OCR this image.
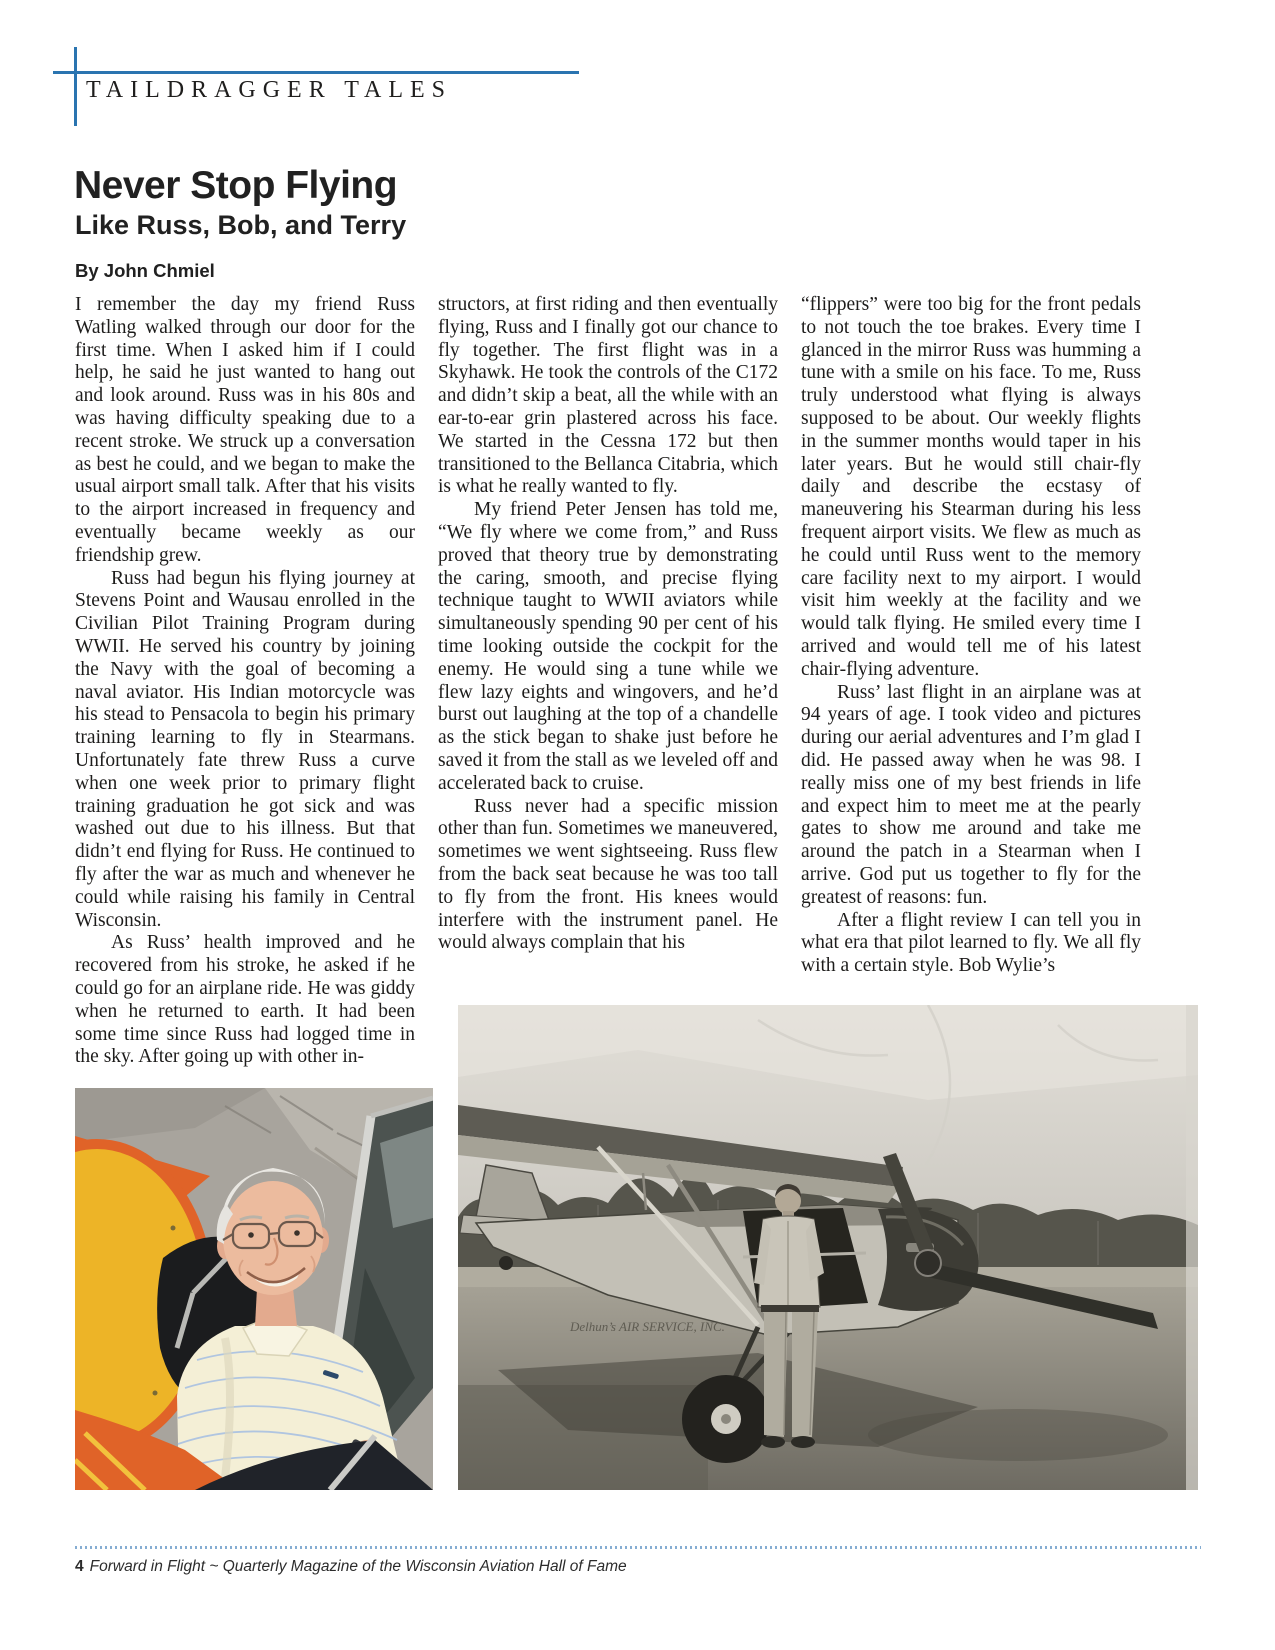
TAILDRAGGER TALES
Never Stop Flying
Like Russ, Bob, and Terry
By John Chmiel

I remember the day my friend Russ Watling walked through our door for the first time. When I asked him if I could help, he said he just wanted to hang out and look around. Russ was in his 80s and was having difficulty speaking due to a recent stroke. We struck up a conversation as best he could, and we began to make the usual airport small talk. After that his visits to the airport increased in frequency and eventually became weekly as our friendship grew.

Russ had begun his flying journey at Stevens Point and Wausau enrolled in the Civilian Pilot Training Program during WWII. He served his country by joining the Navy with the goal of becoming a naval aviator. His Indian motorcycle was his stead to Pensacola to begin his primary training learning to fly in Stearmans. Unfortunately fate threw Russ a curve when one week prior to primary flight training graduation he got sick and was washed out due to his illness. But that didn’t end flying for Russ. He continued to fly after the war as much and whenever he could while raising his family in Central Wisconsin.

As Russ’ health improved and he recovered from his stroke, he asked if he could go for an airplane ride. He was giddy when he returned to earth. It had been some time since Russ had logged time in the sky. After going up with other in-

structors, at first riding and then eventually flying, Russ and I finally got our chance to fly together. The first flight was in a Skyhawk. He took the controls of the C172 and didn’t skip a beat, all the while with an ear-to-ear grin plastered across his face. We started in the Cessna 172 but then transitioned to the Bellanca Citabria, which is what he really wanted to fly.

My friend Peter Jensen has told me, “We fly where we come from,” and Russ proved that theory true by demonstrating the caring, smooth, and precise flying technique taught to WWII aviators while simultaneously spending 90 per cent of his time looking outside the cockpit for the enemy. He would sing a tune while we flew lazy eights and wingovers, and he’d burst out laughing at the top of a chandelle as the stick began to shake just before he saved it from the stall as we leveled off and accelerated back to cruise.

Russ never had a specific mission other than fun. Sometimes we maneuvered, sometimes we went sightseeing. Russ flew from the back seat because he was too tall to fly from the front. His knees would interfere with the instrument panel. He would always complain that his

“flippers” were too big for the front pedals to not touch the toe brakes. Every time I glanced in the mirror Russ was humming a tune with a smile on his face. To me, Russ truly understood what flying is always supposed to be about. Our weekly flights in the summer months would taper in his later years. But he would still chair-fly daily and describe the ecstasy of maneuvering his Stearman during his less frequent airport visits. We flew as much as he could until Russ went to the memory care facility next to my airport. I would visit him weekly at the facility and we would talk flying. He smiled every time I arrived and would tell me of his latest chair-flying adventure.

Russ’ last flight in an airplane was at 94 years of age. I took video and pictures during our aerial adventures and I’m glad I did. He passed away when he was 98. I really miss one of my best friends in life and expect him to meet me at the pearly gates to show me around and take me around the patch in a Stearman when I arrive. God put us together to fly for the greatest of reasons: fun.

After a flight review I can tell you in what era that pilot learned to fly. We all fly with a certain style. Bob Wylie’s

Delhun’s AIR SERVICE, INC.
4 Forward in Flight ~ Quarterly Magazine of the Wisconsin Aviation Hall of Fame
